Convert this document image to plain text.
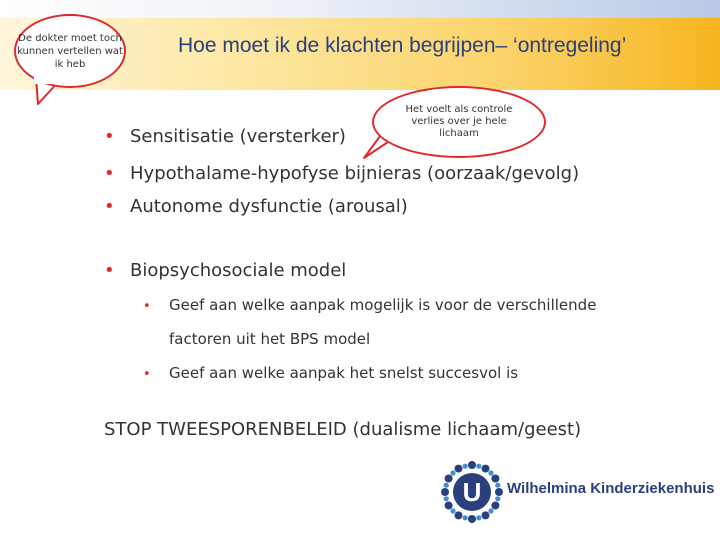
Hoe moet ik de klachten begrijpen– ‘ontregeling’
De dokter moet toch kunnen vertellen wat ik heb
Het voelt als controle verlies over je hele lichaam
• Sensitisatie (versterker)
• Hypothalame-hypofyse bijnieras (oorzaak/gevolg)
• Autonome dysfunctie (arousal)
• Biopsychosociale model
• Geef aan welke aanpak mogelijk is voor de verschillende
factoren uit het BPS model
• Geef aan welke aanpak het snelst succesvol is
STOP TWEESPORENBELEID (dualisme lichaam/geest)
U Wilhelmina Kinderziekenhuis
